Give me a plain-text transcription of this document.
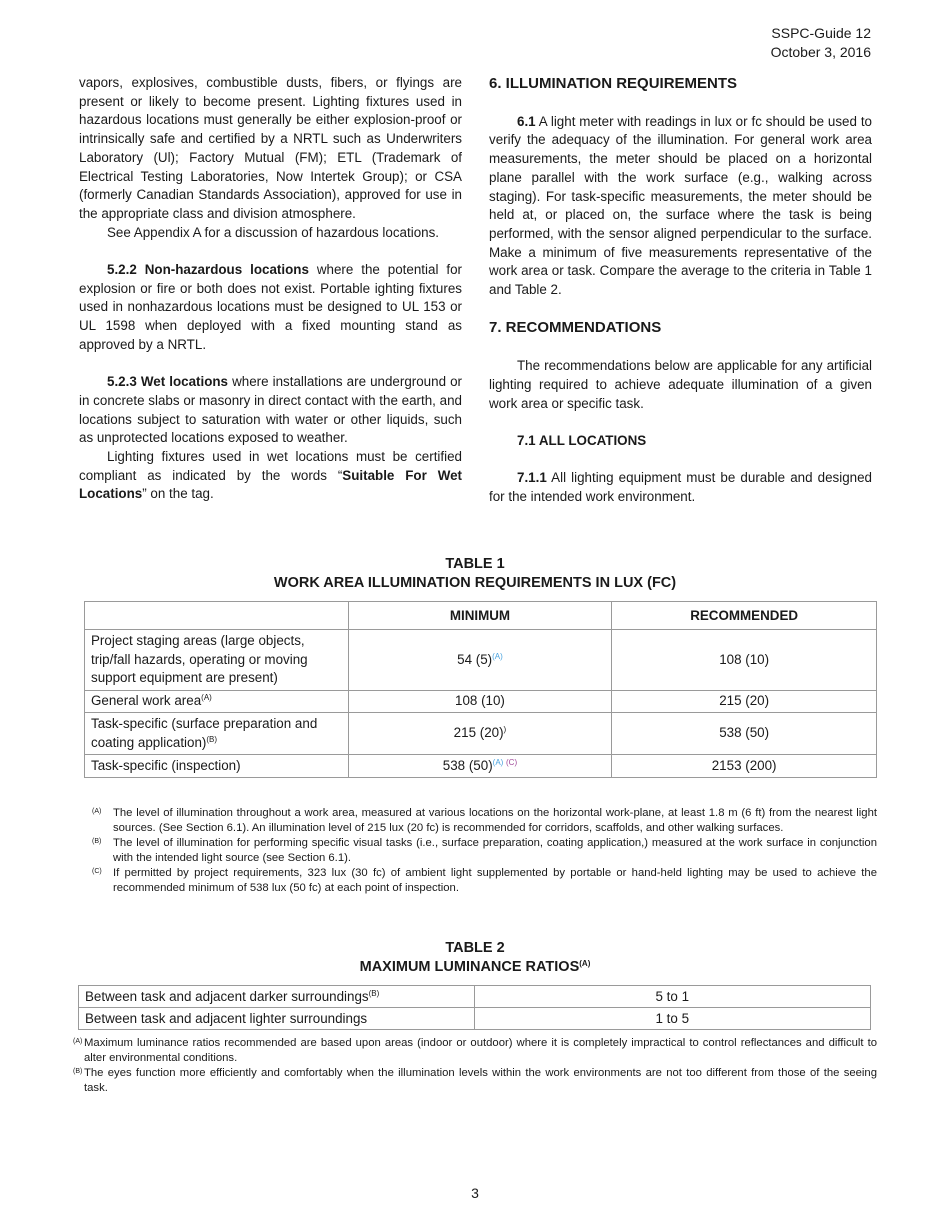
SSPC-Guide 12
October 3, 2016

vapors, explosives, combustible dusts, fibers, or flyings are present or likely to become present. Lighting fixtures used in hazardous locations must generally be either explosion-proof or intrinsically safe and certified by a NRTL such as Underwriters Laboratory (Ul); Factory Mutual (FM); ETL (Trademark of Electrical Testing Laboratories, Now Intertek Group); or CSA (formerly Canadian Standards Association), approved for use in the appropriate class and division atmosphere.

See Appendix A for a discussion of hazardous locations.

5.2.2 Non-hazardous locations where the potential for explosion or fire or both does not exist. Portable ighting fixtures used in nonhazardous locations must be designed to UL 153 or UL 1598 when deployed with a fixed mounting stand as approved by a NRTL.

5.2.3 Wet locations where installations are underground or in concrete slabs or masonry in direct contact with the earth, and locations subject to saturation with water or other liquids, such as unprotected locations exposed to weather.

Lighting fixtures used in wet locations must be certified compliant as indicated by the words “Suitable For Wet Locations” on the tag.

6. ILLUMINATION REQUIREMENTS

6.1 A light meter with readings in lux or fc should be used to verify the adequacy of the illumination. For general work area measurements, the meter should be placed on a horizontal plane parallel with the work surface (e.g., walking across staging). For task-specific measurements, the meter should be held at, or placed on, the surface where the task is being performed, with the sensor aligned perpendicular to the surface. Make a minimum of five measurements representative of the work area or task. Compare the average to the criteria in Table 1 and Table 2.

7. RECOMMENDATIONS

The recommendations below are applicable for any artificial lighting required to achieve adequate illumination of a given work area or specific task.

7.1 ALL LOCATIONS

7.1.1 All lighting equipment must be durable and designed for the intended work environment.

TABLE 1
WORK AREA ILLUMINATION REQUIREMENTS IN LUX (FC)
	MINIMUM	RECOMMENDED
Project staging areas (large objects, trip/fall hazards, operating or moving support equipment are present)	54 (5)$^{(A)}$	108 (10)
General work area$^{(A)}$	108 (10)	215 (20)
Task-specific (surface preparation and coating application)$^{(B)}$	215 (20))	538 (50)
Task-specific (inspection)	538 (50)$^{(A)}$  $^{(C)}$	2153 (200)
(A) The level of illumination throughout a work area, measured at various locations on the horizontal work-plane, at least 1.8 m (6 ft) from the nearest light sources. (See Section 6.1). An illumination level of 215 lux (20 fc) is recommended for corridors, scaffolds, and other walking surfaces.
(B) The level of illumination for performing specific visual tasks (i.e., surface preparation, coating application,) measured at the work surface in conjunction with the intended light source (see Section 6.1).
(C) If permitted by project requirements, 323 lux (30 fc) of ambient light supplemented by portable or hand-held lighting may be used to achieve the recommended minimum of 538 lux (50 fc) at each point of inspection.
TABLE 2
MAXIMUM LUMINANCE RATIOS$^{(A)}$
Between task and adjacent darker surroundings$^{(B)}$	5 to 1
Between task and adjacent lighter surroundings	1 to 5
(A) Maximum luminance ratios recommended are based upon areas (indoor or outdoor) where it is completely impractical to control reflectances and difficult to alter environmental conditions.
(B) The eyes function more efficiently and comfortably when the illumination levels within the work environments are not too different from those of the seeing task.
3
